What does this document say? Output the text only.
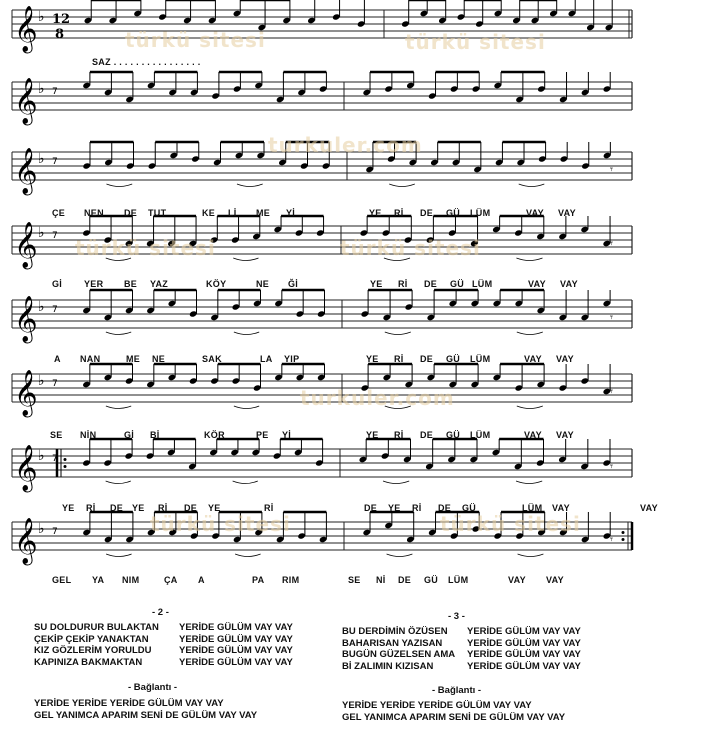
𝄞 ♭ 12
8
𝄞 ♭ 7
𝄞 ♭ 7
𝄾
𝄞 ♭ 7
𝄾
𝄞 ♭ 7
𝄾
𝄞 ♭ 7
𝄾
𝄞 ♭ 7
𝄾
𝄞 ♭ 7
𝄾
türkü sitesi	türkü sitesi
turkuler.com
türkü sitesi	türkü sitesi
turkuler.com
türkü sitesi	türkü sitesi
SAZ . . . . . . . . . . . . . . . .
ÇE NEN DE TUT	KE Lİ ME Yİ	YE Rİ DE GÜ LÜM	VAY VAY
Gİ YER BE YAZ	KÖY	NE Ğİ	YE Rİ DE GÜ LÜM	VAY VAY
A NAN	ME NE	SAK	LA YIP	YE Rİ DE GÜ LÜM	VAY VAY
SE NİN	Gİ Bİ	KÖR	PE Yİ	YE Rİ DE GÜ LÜM	VAY VAY
YE Rİ DE YE Rİ DE YE	Rİ	DE YE Rİ DE GÜ	LÜM VAY	VAY
GEL YA NIM	ÇA A	PA RIM	SE Nİ DE GÜ LÜM	VAY VAY
- 2 -
SU DOLDURUR BULAKTAN	YERİDE GÜLÜM VAY VAY
ÇEKİP ÇEKİP YANAKTAN	YERİDE GÜLÜM VAY VAY
KIZ GÖZLERİM YORULDU	YERİDE GÜLÜM VAY VAY
KAPINIZA BAKMAKTAN	YERİDE GÜLÜM VAY VAY
- Bağlantı -
YERİDE YERİDE YERİDE GÜLÜM VAY VAY
GEL YANIMCA APARIM SENİ DE GÜLÜM VAY VAY
- 3 -
BU DERDİMİN ÖZÜSEN	YERİDE GÜLÜM VAY VAY
BAHARISAN YAZISAN	YERİDE GÜLÜM VAY VAY
BUGÜN GÜZELSEN AMA	YERİDE GÜLÜM VAY VAY
Bİ ZALIMIN KIZISAN	YERİDE GÜLÜM VAY VAY
- Bağlantı -
YERİDE YERİDE YERİDE GÜLÜM VAY VAY
GEL YANIMCA APARIM SENİ DE GÜLÜM VAY VAY
